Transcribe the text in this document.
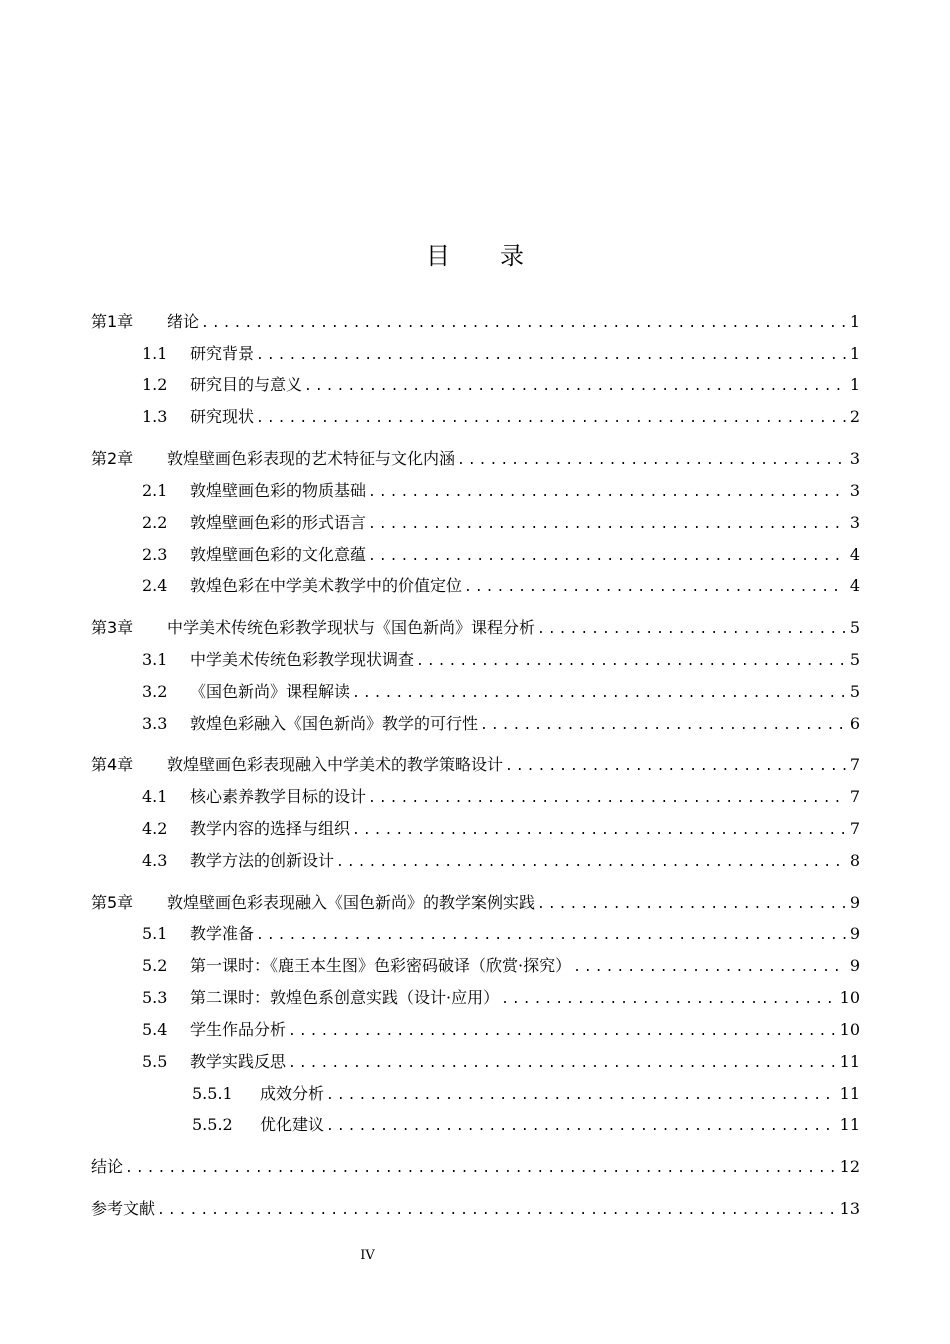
目录
第1章	绪论 .....	1
1.1	研究背景 .....	1
1.2	研究目的与意义 .....	1
1.3	研究现状 .....	2
第2章	敦煌壁画色彩表现的艺术特征与文化内涵 .....	3
2.1	敦煌壁画色彩的物质基础 .....	3
2.2	敦煌壁画色彩的形式语言 .....	3
2.3	敦煌壁画色彩的文化意蕴 .....	4
2.4	敦煌色彩在中学美术教学中的价值定位 .....	4
第3章	中学美术传统色彩教学现状与《国色新尚》课程分析 .....	5
3.1	中学美术传统色彩教学现状调查 .....	5
3.2	《国色新尚》课程解读 .....	5
3.3	敦煌色彩融入《国色新尚》教学的可行性 .....	6
第4章	敦煌壁画色彩表现融入中学美术的教学策略设计 .....	7
4.1	核心素养教学目标的设计 .....	7
4.2	教学内容的选择与组织 .....	7
4.3	教学方法的创新设计 .....	8
第5章	敦煌壁画色彩表现融入《国色新尚》的教学案例实践 .....	9
5.1	教学准备 .....	9
5.2	第一课时：《鹿王本生图》色彩密码破译（欣赏·探究） .....	9
5.3	第二课时：敦煌色系创意实践（设计·应用） .....	10
5.4	学生作品分析 .....	10
5.5	教学实践反思 .....	11
5.5.1	成效分析 .....	11
5.5.2	优化建议 .....	11
结论 .....	12
参考文献 .....	13
IV
